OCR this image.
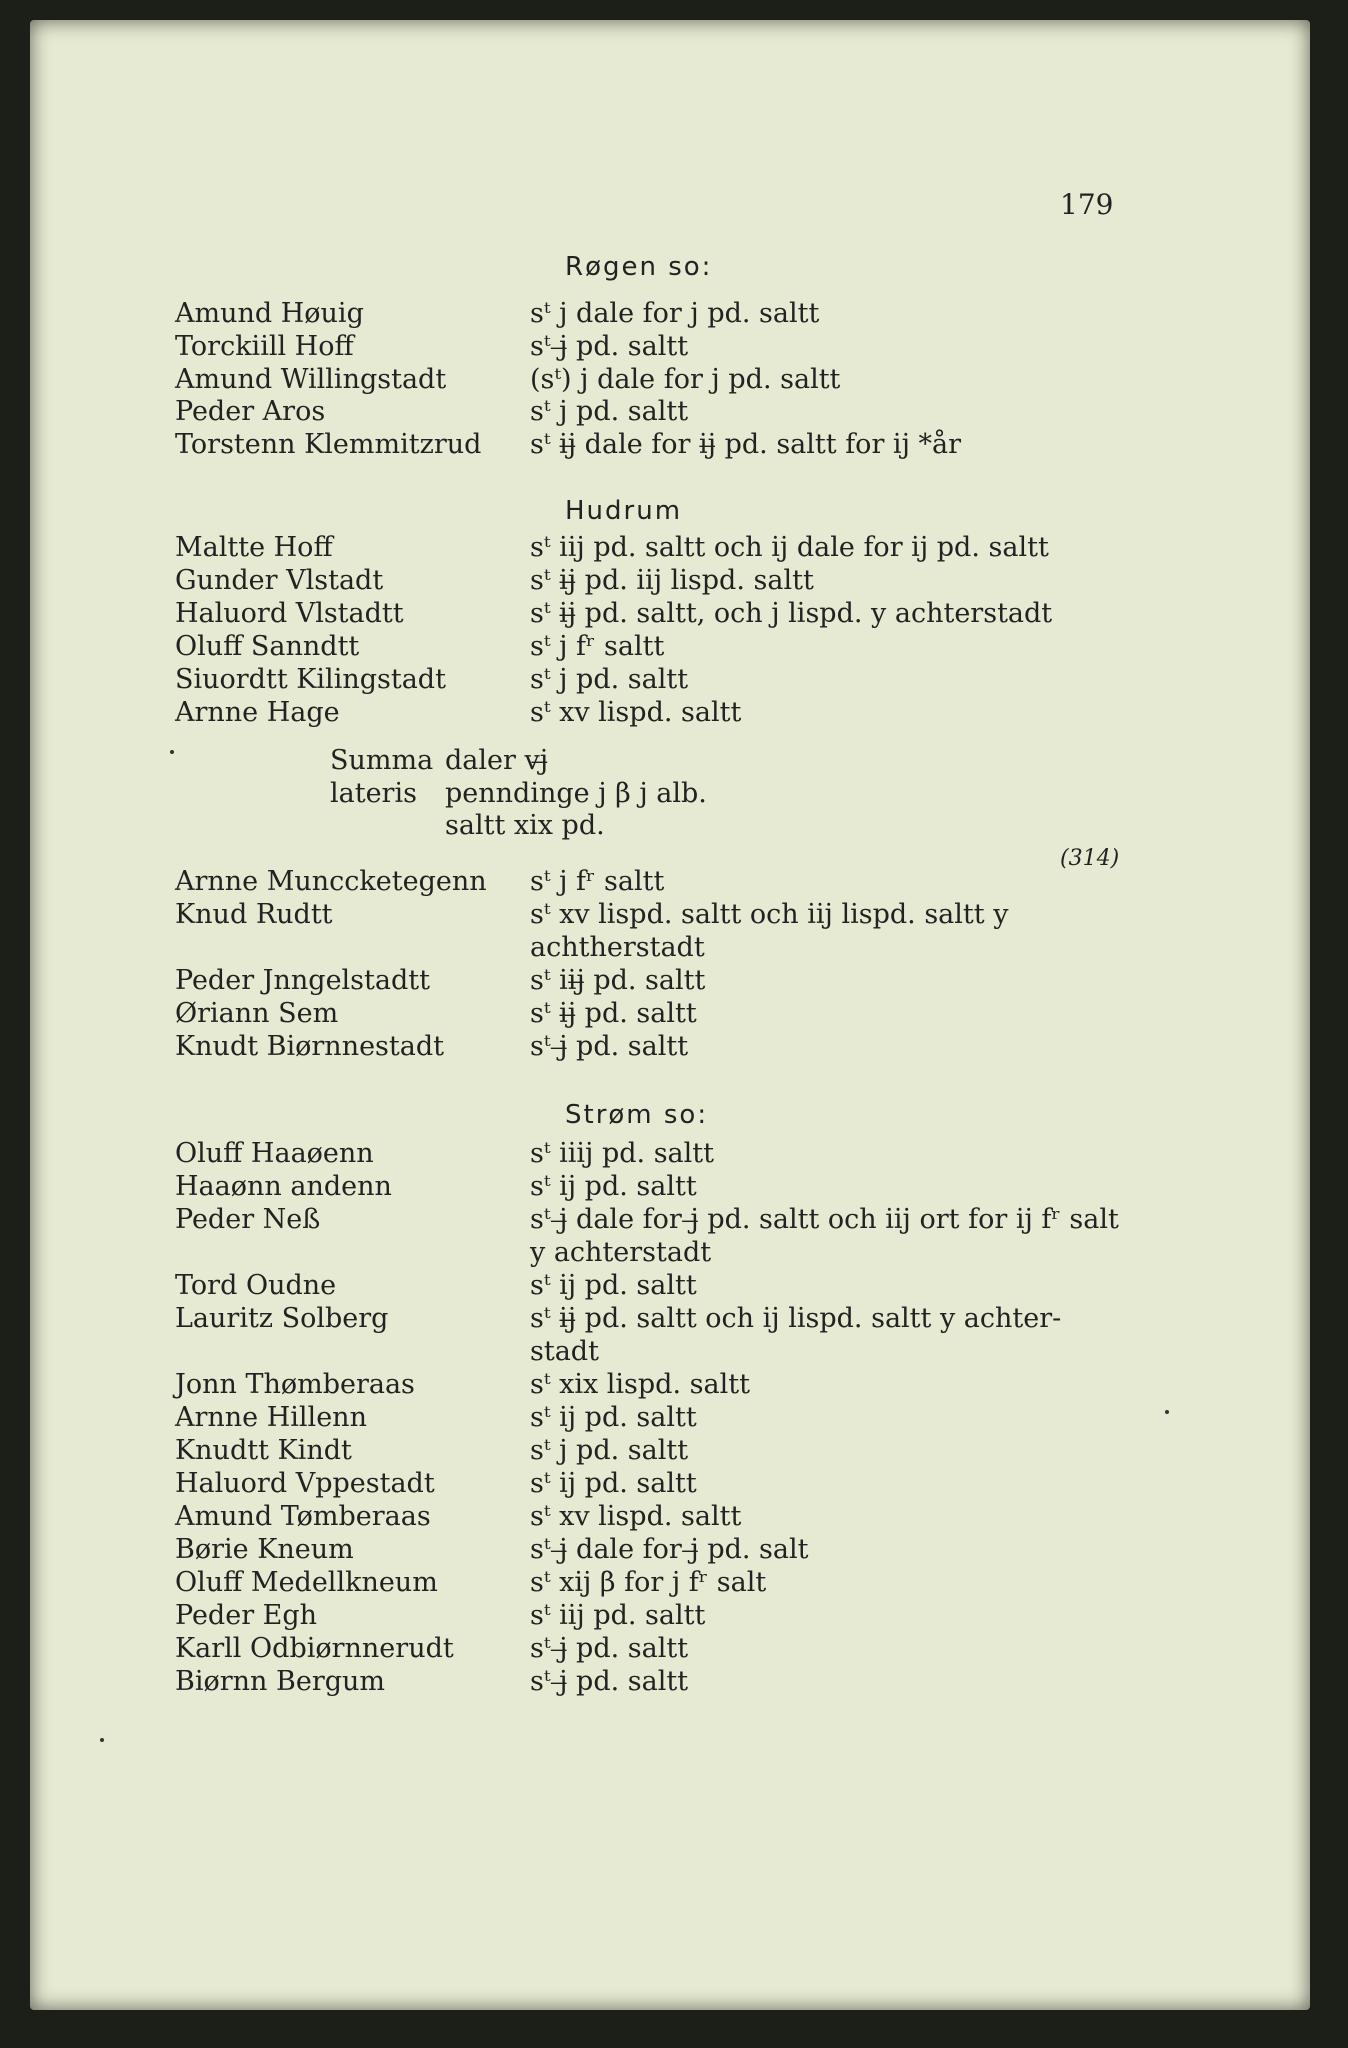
179
Røgen so:
Amund Høuig	sᵗ j dale for j pd. saltt
Torckiill Hoff	sᵗ j̶ pd. saltt
Amund Willingstadt	(sᵗ) j dale for j pd. saltt
Peder Aros	sᵗ j pd. saltt
Torstenn Klemmitzrud sᵗ ij̶ dale for ij̶ pd. saltt for ij *år
Hudrum
Maltte Hoff	sᵗ iij pd. saltt och ij dale for ij pd. saltt
Gunder Vlstadt	sᵗ ij̶ pd. iij lispd. saltt
Haluord Vlstadtt	sᵗ ij̶ pd. saltt, och j lispd. y achterstadt
Oluff Sanndtt	sᵗ j fʳ saltt
Siuordtt Kilingstadt	sᵗ j pd. saltt
Arnne Hage	sᵗ xv lispd. saltt
Summa daler vj̶
lateris penndinge j β j alb.
saltt xix pd.
(314)
Arnne Munccketegenn sᵗ j fʳ saltt
Knud Rudtt	sᵗ xv lispd. saltt och iij lispd. saltt y achtherstadt
Peder Jnngelstadtt	sᵗ iij̶ pd. saltt
Øriann Sem	sᵗ ij̶ pd. saltt
Knudt Biørnnestadt	sᵗ j̶ pd. saltt
Strøm so:
Oluff Haaøenn	sᵗ iiij pd. saltt
Haaønn andenn	sᵗ ij pd. saltt
Peder Neß	sᵗ j̶ dale for j̶ pd. saltt och iij ort for ij fʳ salt y achterstadt
Tord Oudne	sᵗ ij pd. saltt
Lauritz Solberg	sᵗ ij̶ pd. saltt och ij lispd. saltt y achter-stadt
Jonn Thømberaas	sᵗ xix lispd. saltt
Arnne Hillenn	sᵗ ij pd. saltt
Knudtt Kindt	sᵗ j pd. saltt
Haluord Vppestadt	sᵗ ij pd. saltt
Amund Tømberaas	sᵗ xv lispd. saltt
Børie Kneum	sᵗ j̶ dale for j̶ pd. salt
Oluff Medellkneum	sᵗ xij β for j fʳ salt
Peder Egh	sᵗ iij pd. saltt
Karll Odbiørnnerudt	sᵗ j̶ pd. saltt
Biørnn Bergum	sᵗ j̶ pd. saltt
